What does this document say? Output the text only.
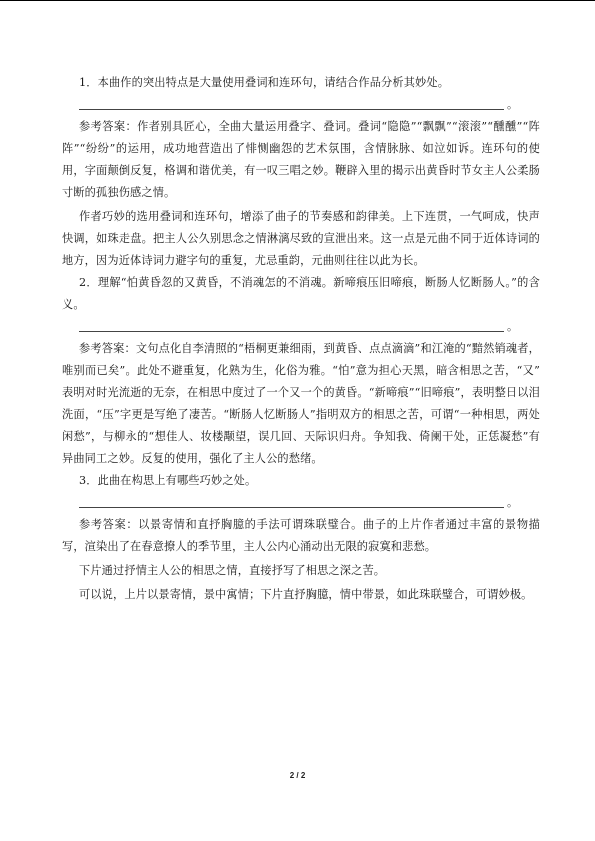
1．本曲作的突出特点是大量使用叠词和连环句，请结合作品分析其妙处。

。

参考答案：作者别具匠心，全曲大量运用叠字、叠词。叠词“隐隐”“飘飘”“滚滚”“醺醺”“阵阵”“纷纷”的运用，成功地营造出了悱恻幽怨的艺术氛围，含情脉脉、如泣如诉。连环句的使用，字面颠倒反复，格调和谐优美，有一叹三唱之妙。鞭辟入里的揭示出黄昏时节女主人公柔肠寸断的孤独伤感之情。

作者巧妙的选用叠词和连环句，增添了曲子的节奏感和韵律美。上下连贯，一气呵成，快声快调，如珠走盘。把主人公久别思念之情淋漓尽致的宣泄出来。这一点是元曲不同于近体诗词的地方，因为近体诗词力避字句的重复，尤忌重韵，元曲则往往以此为长。

2．理解“怕黄昏忽的又黄昏，不消魂怎的不消魂。新啼痕压旧啼痕，断肠人忆断肠人。”的含义。

。

参考答案：文句点化自李清照的“梧桐更兼细雨，到黄昏、点点滴滴”和江淹的“黯然销魂者，唯别而已矣”。此处不避重复，化熟为生，化俗为雅。“怕”意为担心天黑，暗含相思之苦，“又”　表明对时光流逝的无奈，在相思中度过了一个又一个的黄昏。“新啼痕”“旧啼痕”，表明整日以泪洗面，“压”字更是写绝了凄苦。“断肠人忆断肠人”指明双方的相思之苦，可谓“一种相思，两处闲愁”，与柳永的“想佳人、妆楼颙望，误几回、天际识归舟。争知我、倚阑干处，正恁凝愁”有异曲同工之妙。反复的使用，强化了主人公的愁绪。

3．此曲在构思上有哪些巧妙之处。

。

参考答案：以景寄情和直抒胸臆的手法可谓珠联璧合。曲子的上片作者通过丰富的景物描写，渲染出了在春意撩人的季节里，主人公内心涌动出无限的寂寞和悲愁。

下片通过抒情主人公的相思之情，直接抒写了相思之深之苦。

可以说，上片以景寄情，景中寓情；下片直抒胸臆，情中带景，如此珠联璧合，可谓妙极。

2 / 2
